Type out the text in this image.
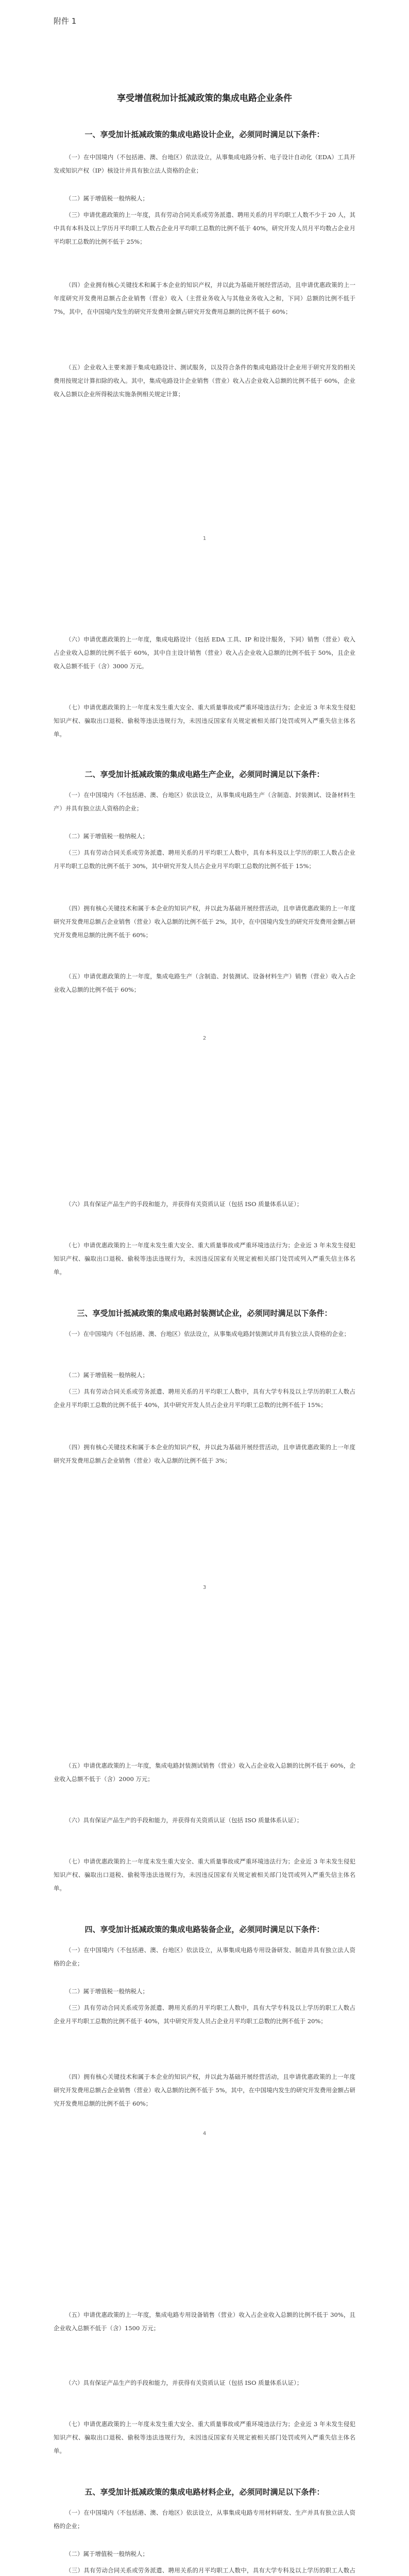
附件 1
享受增值税加计抵减政策的集成电路企业条件
一、享受加计抵减政策的集成电路设计企业，必须同时满足以下条件：

（一）在中国境内（不包括港、澳、台地区）依法设立，从事集成电路分析、电子设计自动化（EDA）工具开发或知识产权（IP）核设计并具有独立法人资格的企业；

（二）属于增值税一般纳税人；

（三）申请优惠政策的上一年度，具有劳动合同关系或劳务派遣、聘用关系的月平均职工人数不少于 20 人，其中具有本科及以上学历月平均职工人数占企业月平均职工总数的比例不低于 40%，研究开发人员月平均数占企业月平均职工总数的比例不低于 25%；

（四）企业拥有核心关键技术和属于本企业的知识产权，并以此为基础开展经营活动，且申请优惠政策的上一年度研究开发费用总额占企业销售（营业）收入（主营业务收入与其他业务收入之和，下同）总额的比例不低于 7%，其中，在中国境内发生的研究开发费用金额占研究开发费用总额的比例不低于 60%；

（五）企业收入主要来源于集成电路设计、测试服务，以及符合条件的集成电路设计企业用于研究开发的相关费用按规定计算扣除的收入。其中，集成电路设计企业销售（营业）收入占企业收入总额的比例不低于 60%，企业收入总额以企业所得税法实施条例相关规定计算；

1

（六）申请优惠政策的上一年度，集成电路设计（包括 EDA 工具、IP 和设计服务，下同）销售（营业）收入占企业收入总额的比例不低于 60%，其中自主设计销售（营业）收入占企业收入总额的比例不低于 50%，且企业收入总额不低于（含）3000 万元。

（七）申请优惠政策的上一年度未发生重大安全、重大质量事故或严重环境违法行为；企业近 3 年未发生侵犯知识产权、骗取出口退税、偷税等违法违规行为，未因违反国家有关规定被相关部门处罚或列入严重失信主体名单。

二、享受加计抵减政策的集成电路生产企业，必须同时满足以下条件：

（一）在中国境内（不包括港、澳、台地区）依法设立，从事集成电路生产（含制造、封装测试、设备材料生产）并具有独立法人资格的企业；

（二）属于增值税一般纳税人；

（三）具有劳动合同关系或劳务派遣、聘用关系的月平均职工人数中，具有本科及以上学历的职工人数占企业月平均职工总数的比例不低于 30%，其中研究开发人员占企业月平均职工总数的比例不低于 15%；

（四）拥有核心关键技术和属于本企业的知识产权，并以此为基础开展经营活动，且申请优惠政策的上一年度研究开发费用总额占企业销售（营业）收入总额的比例不低于 2%，其中，在中国境内发生的研究开发费用金额占研究开发费用总额的比例不低于 60%；

（五）申请优惠政策的上一年度，集成电路生产（含制造、封装测试、设备材料生产）销售（营业）收入占企业收入总额的比例不低于 60%；

2

（六）具有保证产品生产的手段和能力，并获得有关资质认证（包括 ISO 质量体系认证）；

（七）申请优惠政策的上一年度未发生重大安全、重大质量事故或严重环境违法行为；企业近 3 年未发生侵犯知识产权、骗取出口退税、偷税等违法违规行为，未因违反国家有关规定被相关部门处罚或列入严重失信主体名单。

三、享受加计抵减政策的集成电路封装测试企业，必须同时满足以下条件：

（一）在中国境内（不包括港、澳、台地区）依法设立，从事集成电路封装测试并具有独立法人资格的企业；

（二）属于增值税一般纳税人；

（三）具有劳动合同关系或劳务派遣、聘用关系的月平均职工人数中，具有大学专科及以上学历的职工人数占企业月平均职工总数的比例不低于 40%，其中研究开发人员占企业月平均职工总数的比例不低于 15%；

（四）拥有核心关键技术和属于本企业的知识产权，并以此为基础开展经营活动，且申请优惠政策的上一年度研究开发费用总额占企业销售（营业）收入总额的比例不低于 3%；

3

（五）申请优惠政策的上一年度，集成电路封装测试销售（营业）收入占企业收入总额的比例不低于 60%，企业收入总额不低于（含）2000 万元；

（六）具有保证产品生产的手段和能力，并获得有关资质认证（包括 ISO 质量体系认证）；

（七）申请优惠政策的上一年度未发生重大安全、重大质量事故或严重环境违法行为；企业近 3 年未发生侵犯知识产权、骗取出口退税、偷税等违法违规行为，未因违反国家有关规定被相关部门处罚或列入严重失信主体名单。

四、享受加计抵减政策的集成电路装备企业，必须同时满足以下条件：

（一）在中国境内（不包括港、澳、台地区）依法设立，从事集成电路专用设备研发、制造并具有独立法人资格的企业；

（二）属于增值税一般纳税人；

（三）具有劳动合同关系或劳务派遣、聘用关系的月平均职工人数中，具有大学专科及以上学历的职工人数占企业月平均职工总数的比例不低于 40%，其中研究开发人员占企业月平均职工总数的比例不低于 20%；

（四）拥有核心关键技术和属于本企业的知识产权，并以此为基础开展经营活动，且申请优惠政策的上一年度研究开发费用总额占企业销售（营业）收入总额的比例不低于 5%，其中，在中国境内发生的研究开发费用金额占研究开发费用总额的比例不低于 60%；

4

（五）申请优惠政策的上一年度，集成电路专用设备销售（营业）收入占企业收入总额的比例不低于 30%，且企业收入总额不低于（含）1500 万元；

（六）具有保证产品生产的手段和能力，并获得有关资质认证（包括 ISO 质量体系认证）；

（七）申请优惠政策的上一年度未发生重大安全、重大质量事故或严重环境违法行为；企业近 3 年未发生侵犯知识产权、骗取出口退税、偷税等违法违规行为，未因违反国家有关规定被相关部门处罚或列入严重失信主体名单。

五、享受加计抵减政策的集成电路材料企业，必须同时满足以下条件：

（一）在中国境内（不包括港、澳、台地区）依法设立，从事集成电路专用材料研发、生产并具有独立法人资格的企业；

（二）属于增值税一般纳税人；

（三）具有劳动合同关系或劳务派遣、聘用关系的月平均职工人数中，具有大学专科及以上学历的职工人数占
